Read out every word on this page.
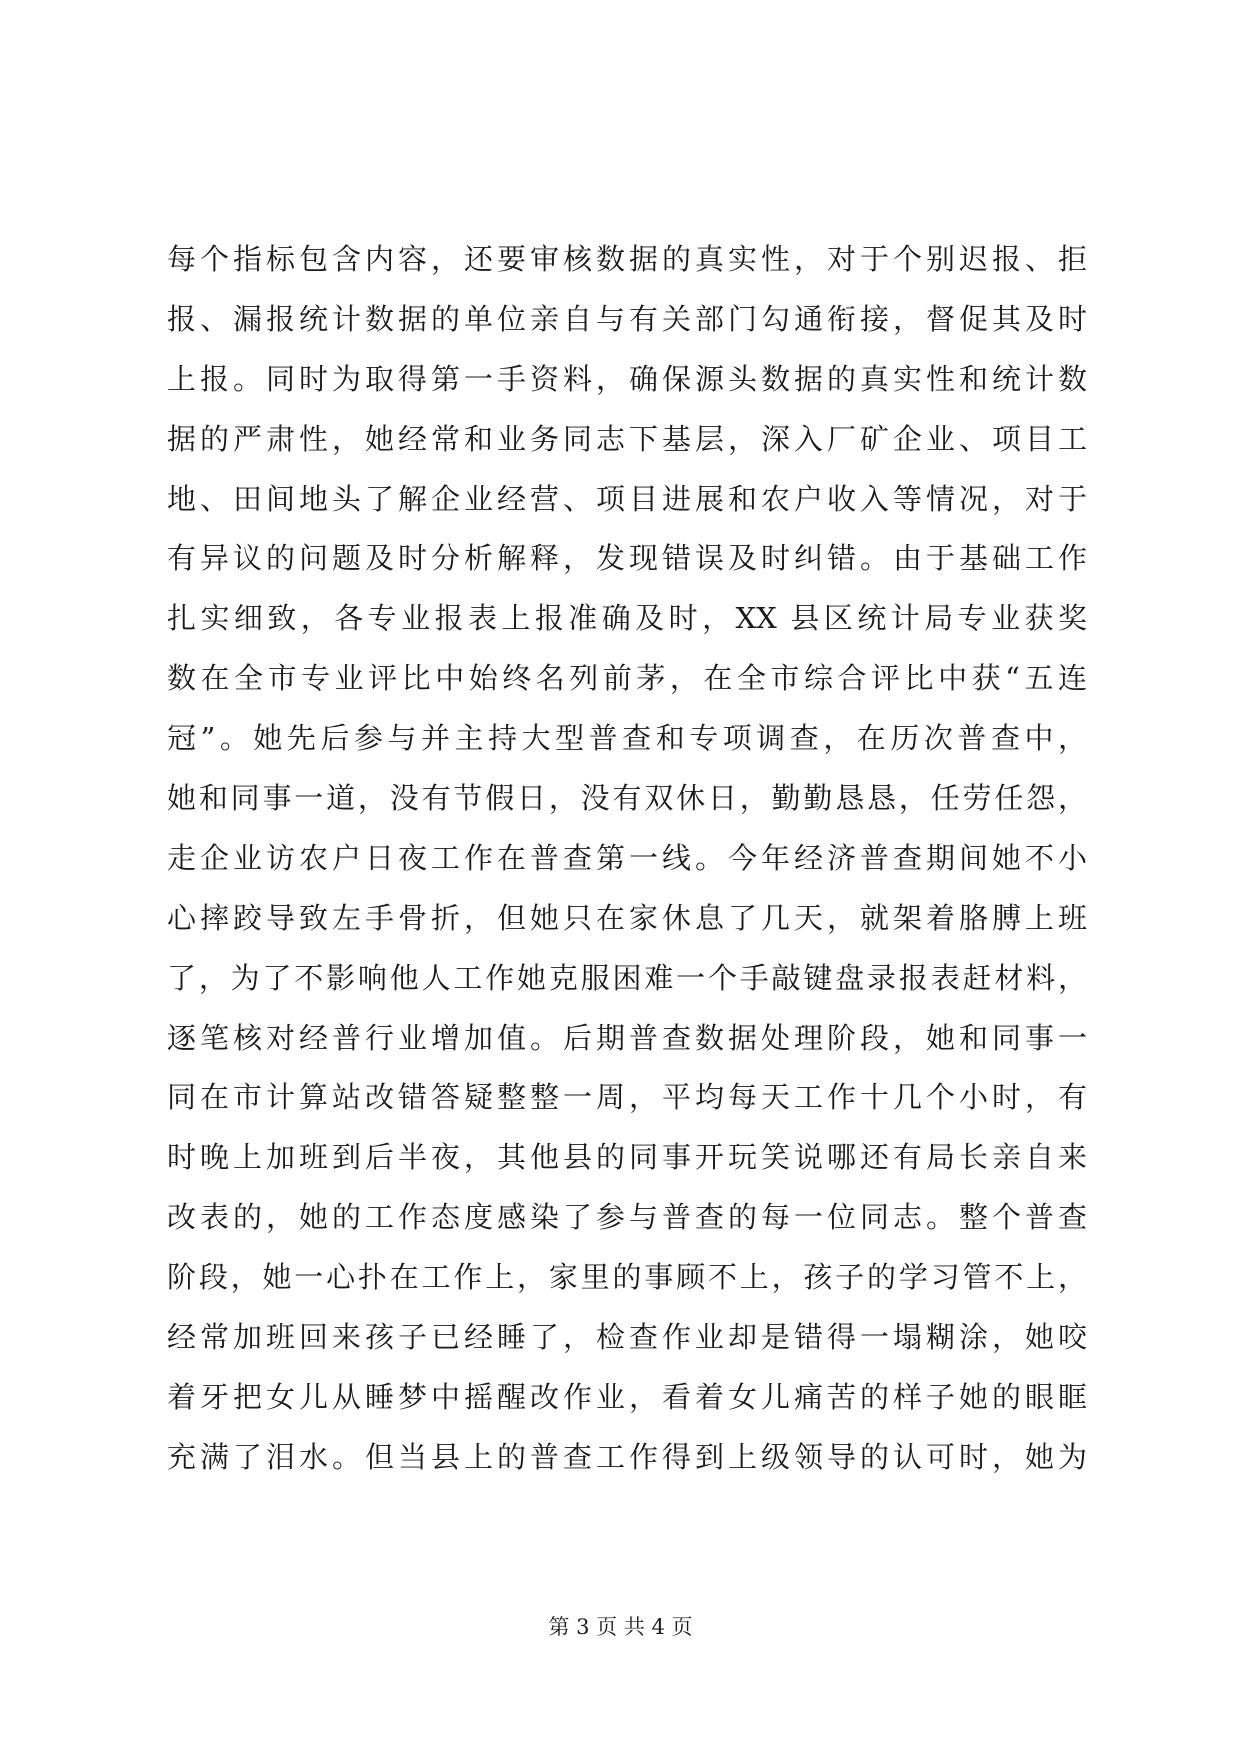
每个指标包含内容，还要审核数据的真实性，对于个别迟报、拒
报、漏报统计数据的单位亲自与有关部门勾通衔接，督促其及时
上报。同时为取得第一手资料，确保源头数据的真实性和统计数
据的严肃性，她经常和业务同志下基层，深入厂矿企业、项目工
地、田间地头了解企业经营、项目进展和农户收入等情况，对于
有异议的问题及时分析解释，发现错误及时纠错。由于基础工作
扎实细致，各专业报表上报准确及时，XX 县区统计局专业获奖
数在全市专业评比中始终名列前茅，在全市综合评比中获“五连
冠”。她先后参与并主持大型普查和专项调查，在历次普查中，
她和同事一道，没有节假日，没有双休日，勤勤恳恳，任劳任怨，
走企业访农户日夜工作在普查第一线。今年经济普查期间她不小
心摔跤导致左手骨折，但她只在家休息了几天，就架着胳膊上班
了，为了不影响他人工作她克服困难一个手敲键盘录报表赶材料，
逐笔核对经普行业增加值。后期普查数据处理阶段，她和同事一
同在市计算站改错答疑整整一周，平均每天工作十几个小时，有
时晚上加班到后半夜，其他县的同事开玩笑说哪还有局长亲自来
改表的，她的工作态度感染了参与普查的每一位同志。整个普查
阶段，她一心扑在工作上，家里的事顾不上，孩子的学习管不上，
经常加班回来孩子已经睡了，检查作业却是错得一塌糊涂，她咬
着牙把女儿从睡梦中摇醒改作业，看着女儿痛苦的样子她的眼眶
充满了泪水。但当县上的普查工作得到上级领导的认可时，她为
第 3 页 共 4 页
